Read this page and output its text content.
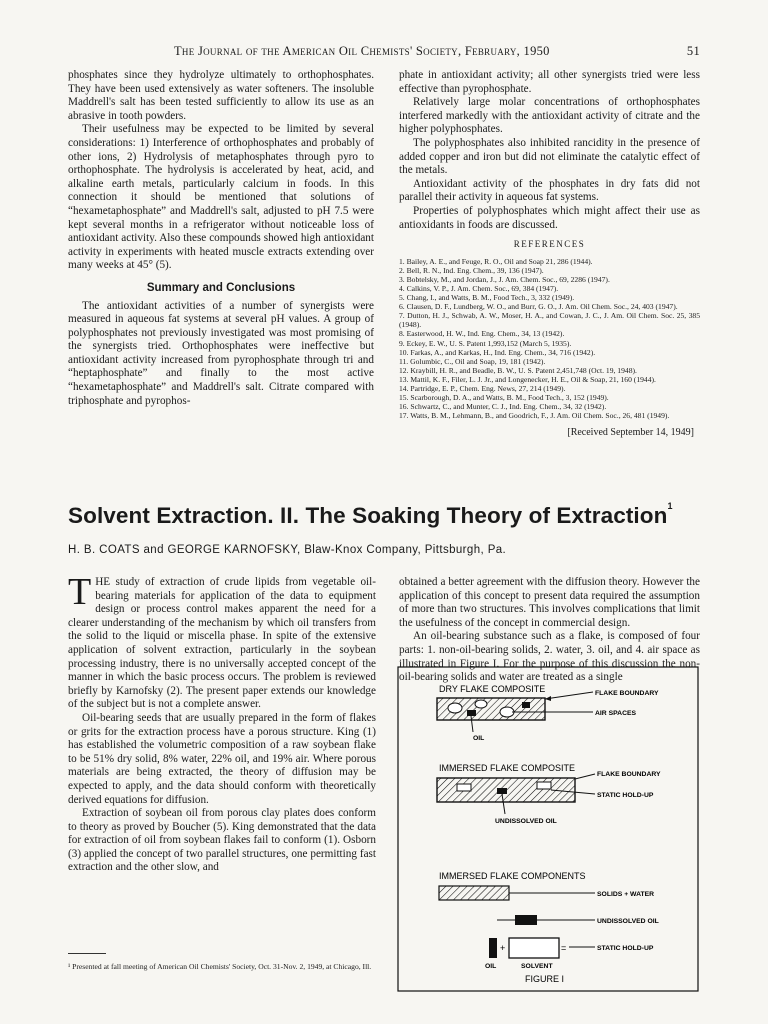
The Journal of the American Oil Chemists' Society, February, 1950	51

phosphates since they hydrolyze ultimately to orthophosphates. They have been used extensively as water softeners. The insoluble Maddrell's salt has been tested sufficiently to allow its use as an abrasive in tooth powders.

Their usefulness may be expected to be limited by several considerations: 1) Interference of orthophosphates and probably of other ions, 2) Hydrolysis of metaphosphates through pyro to orthophosphate. The hydrolysis is accelerated by heat, acid, and alkaline earth metals, particularly calcium in foods. In this connection it should be mentioned that solutions of “hexametaphosphate” and Maddrell's salt, adjusted to pH 7.5 were kept several months in a refrigerator without noticeable loss of antioxidant activity. Also these compounds showed high antioxidant activity in experiments with heated muscle extracts extending over many weeks at 45° (5).

Summary and Conclusions

The antioxidant activities of a number of synergists were measured in aqueous fat systems at several pH values. A group of polyphosphates not previously investigated was most promising of the synergists tried. Orthophosphates were ineffective but antioxidant activity increased from pyrophosphate through tri and “heptaphosphate” and finally to the most active “hexametaphosphate” and Maddrell's salt. Citrate compared with triphosphate and pyrophos-

phate in antioxidant activity; all other synergists tried were less effective than pyrophosphate.

Relatively large molar concentrations of orthophosphates interfered markedly with the antioxidant activity of citrate and the higher polyphosphates.

The polyphosphates also inhibited rancidity in the presence of added copper and iron but did not eliminate the catalytic effect of the metals.

Antioxidant activity of the phosphates in dry fats did not parallel their activity in aqueous fat systems.

Properties of polyphosphates which might affect their use as antioxidants in foods are discussed.

REFERENCES
1. Bailey, A. E., and Feuge, R. O., Oil and Soap 21, 286 (1944).
2. Bell, R. N., Ind. Eng. Chem., 39, 136 (1947).
3. Bobtelsky, M., and Jordan, J., J. Am. Chem. Soc., 69, 2286 (1947).
4. Calkins, V. P., J. Am. Chem. Soc., 69, 384 (1947).
5. Chang, I., and Watts, B. M., Food Tech., 3, 332 (1949).
6. Clausen, D. F., Lundberg, W. O., and Burr, G. O., J. Am. Oil Chem. Soc., 24, 403 (1947).
7. Dutton, H. J., Schwab, A. W., Moser, H. A., and Cowan, J. C., J. Am. Oil Chem. Soc. 25, 385 (1948).
8. Easterwood, H. W., Ind. Eng. Chem., 34, 13 (1942).
9. Eckey, E. W., U. S. Patent 1,993,152 (March 5, 1935).
10. Farkas, A., and Karkas, H., Ind. Eng. Chem., 34, 716 (1942).
11. Golumbic, C., Oil and Soap, 19, 181 (1942).
12. Kraybill, H. R., and Beadle, B. W., U. S. Patent 2,451,748 (Oct. 19, 1948).
13. Mattil, K. F., Filer, L. J. Jr., and Longenecker, H. E., Oil & Soap, 21, 160 (1944).
14. Partridge, E. P., Chem. Eng. News, 27, 214 (1949).
15. Scarborough, D. A., and Watts, B. M., Food Tech., 3, 152 (1949).
16. Schwartz, C., and Munter, C. J., Ind. Eng. Chem., 34, 32 (1942).
17. Watts, B. M., Lehmann, B., and Goodrich, F., J. Am. Oil Chem. Soc., 26, 481 (1949).
[Received September 14, 1949]
Solvent Extraction. II. The Soaking Theory of Extraction$^1$
H. B. COATS and GEORGE KARNOFSKY, Blaw-Knox Company, Pittsburgh, Pa.

THE study of extraction of crude lipids from vegetable oil-bearing materials for application of the data to equipment design or process control makes apparent the need for a clearer understanding of the mechanism by which oil transfers from the solid to the liquid or miscella phase. In spite of the extensive application of solvent extraction, particularly in the soybean processing industry, there is no universally accepted concept of the manner in which the basic process occurs. The problem is reviewed briefly by Karnofsky (2). The present paper extends our knowledge of the subject but is not a complete answer.

Oil-bearing seeds that are usually prepared in the form of flakes or grits for the extraction process have a porous structure. King (1) has established the volumetric composition of a raw soybean flake to be 51% dry solid, 8% water, 22% oil, and 19% air. Where porous materials are being extracted, the theory of diffusion may be expected to apply, and the data should conform with theoretically derived equations for diffusion.

Extraction of soybean oil from porous clay plates does conform to theory as proved by Boucher (5). King demonstrated that the data for extraction of oil from soybean flakes fail to conform (1). Osborn (3) applied the concept of two parallel structures, one permitting fast extraction and the other slow, and

¹ Presented at fall meeting of American Oil Chemists' Society, Oct. 31-Nov. 2, 1949, at Chicago, Ill.

obtained a better agreement with the diffusion theory. However the application of this concept to present data required the assumption of more than two structures. This involves complications that limit the usefulness of the concept in commercial design.

An oil-bearing substance such as a flake, is composed of four parts: 1. non-oil-bearing solids, 2. water, 3. oil, and 4. air space as illustrated in Figure I. For the purpose of this discussion the non-oil-bearing solids and water are treated as a single

DRY FLAKE COMPOSITE	FLAKE BOUNDARY
AIR SPACES
OIL
IMMERSED FLAKE COMPOSITE
FLAKE BOUNDARY
STATIC HOLD-UP
UNDISSOLVED OIL
IMMERSED FLAKE COMPONENTS
SOLIDS + WATER
UNDISSOLVED OIL
+	=	STATIC HOLD-UP
OIL	SOLVENT
FIGURE I
